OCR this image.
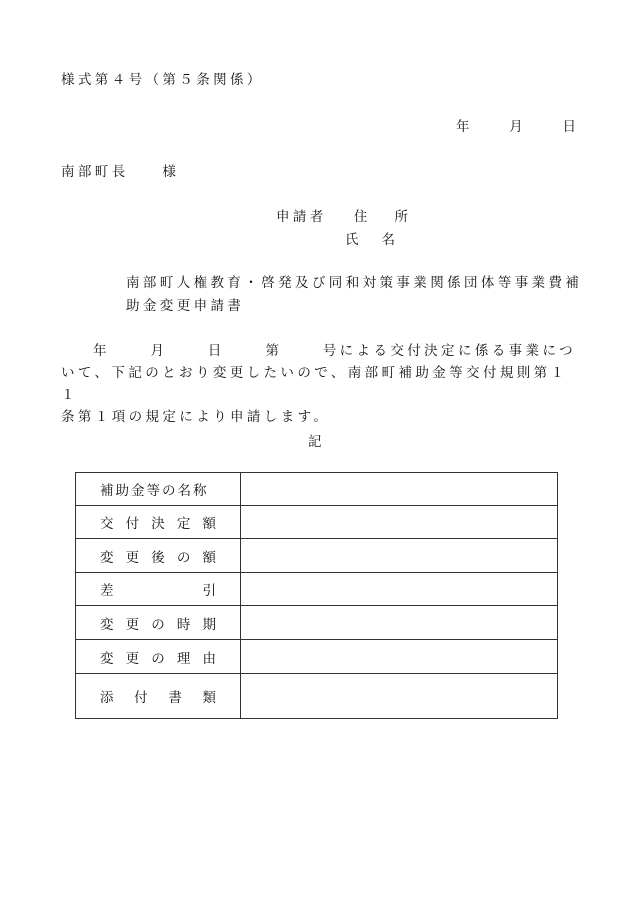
様式第４号（第５条関係）
年	月	日
南部町長　　様
申請者 住 所
氏 名
南部町人権教育・啓発及び同和対策事業関係団体等事業費補
助金変更申請書
年	月	日	第	号による交付決定に係る事業につ
いて、下記のとおり変更したいので、南部町補助金等交付規則第１１
条第１項の規定により申請します。
記
補助金等の名称	

交 付 決 定 額	

変 更 後 の 額	

差 引	

変 更 の 時 期	

変 更 の 理 由	

添 付 書 類	
